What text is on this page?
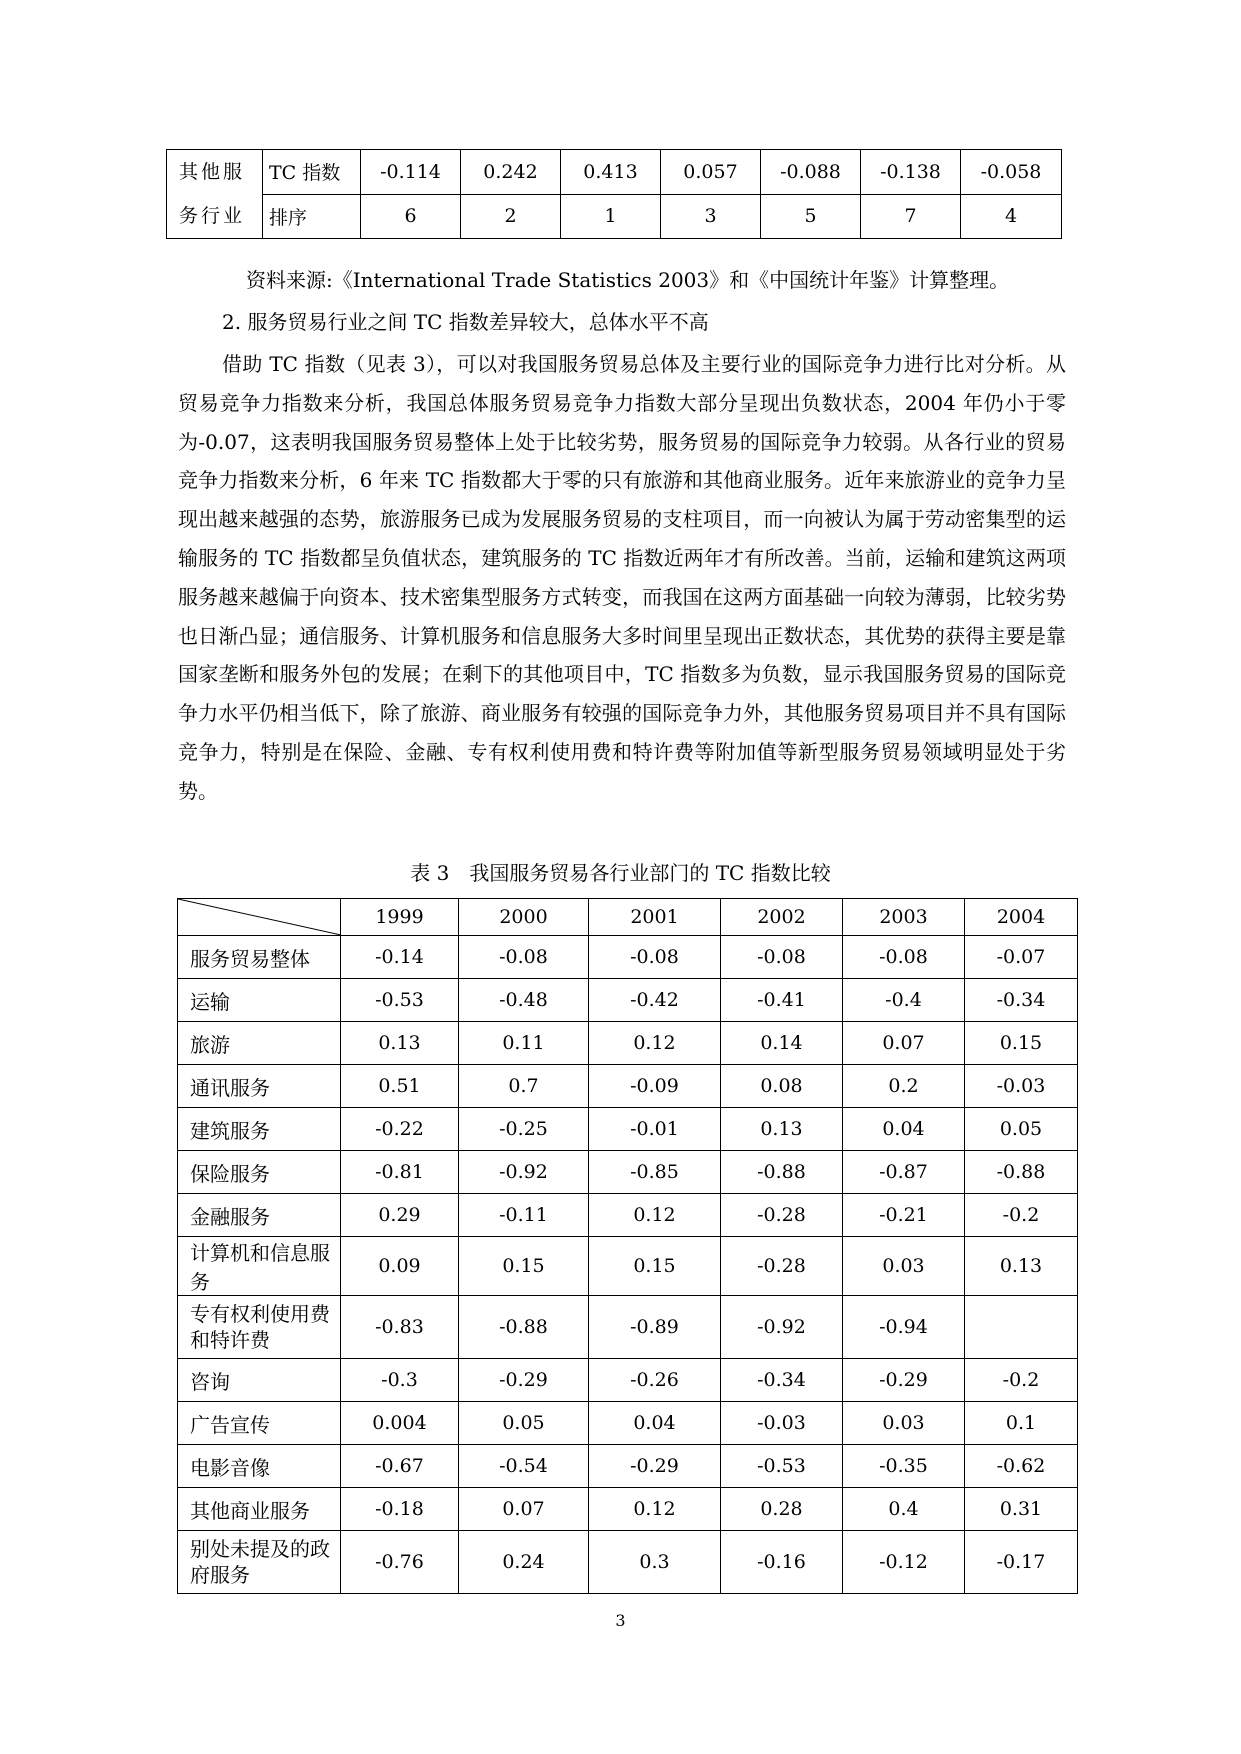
其他服务行业	TC 指数	-0.114	0.242	0.413	0.057	-0.088	-0.138	-0.058
	排序	6	2	1	3	5	7	4
资料来源:《International Trade Statistics 2003》和《中国统计年鉴》计算整理。
2. 服务贸易行业之间 TC 指数差异较大，总体水平不高

借助 TC 指数（见表 3），可以对我国服务贸易总体及主要行业的国际竞争力进行比对分析。从贸易竞争力指数来分析，我国总体服务贸易竞争力指数大部分呈现出负数状态，2004 年仍小于零为-0.07，这表明我国服务贸易整体上处于比较劣势，服务贸易的国际竞争力较弱。从各行业的贸易竞争力指数来分析，6 年来 TC 指数都大于零的只有旅游和其他商业服务。近年来旅游业的竞争力呈现出越来越强的态势，旅游服务已成为发展服务贸易的支柱项目，而一向被认为属于劳动密集型的运输服务的 TC 指数都呈负值状态，建筑服务的 TC 指数近两年才有所改善。当前，运输和建筑这两项服务越来越偏于向资本、技术密集型服务方式转变，而我国在这两方面基础一向较为薄弱，比较劣势也日渐凸显；通信服务、计算机服务和信息服务大多时间里呈现出正数状态，其优势的获得主要是靠国家垄断和服务外包的发展；在剩下的其他项目中，TC 指数多为负数，显示我国服务贸易的国际竞争力水平仍相当低下，除了旅游、商业服务有较强的国际竞争力外，其他服务贸易项目并不具有国际竞争力，特别是在保险、金融、专有权利使用费和特许费等附加值等新型服务贸易领域明显处于劣势。

表 3　我国服务贸易各行业部门的 TC 指数比较
	1999	2000	2001	2002	2003	2004
服务贸易整体	-0.14	-0.08	-0.08	-0.08	-0.08	-0.07
运输	-0.53	-0.48	-0.42	-0.41	-0.4	-0.34
旅游	0.13	0.11	0.12	0.14	0.07	0.15
通讯服务	0.51	0.7	-0.09	0.08	0.2	-0.03
建筑服务	-0.22	-0.25	-0.01	0.13	0.04	0.05
保险服务	-0.81	-0.92	-0.85	-0.88	-0.87	-0.88
金融服务	0.29	-0.11	0.12	-0.28	-0.21	-0.2
计算机和信息服务	0.09	0.15	0.15	-0.28	0.03	0.13
专有权利使用费和特许费	-0.83	-0.88	-0.89	-0.92	-0.94	
咨询	-0.3	-0.29	-0.26	-0.34	-0.29	-0.2
广告宣传	0.004	0.05	0.04	-0.03	0.03	0.1
电影音像	-0.67	-0.54	-0.29	-0.53	-0.35	-0.62
其他商业服务	-0.18	0.07	0.12	0.28	0.4	0.31
别处未提及的政府服务	-0.76	0.24	0.3	-0.16	-0.12	-0.17
3
